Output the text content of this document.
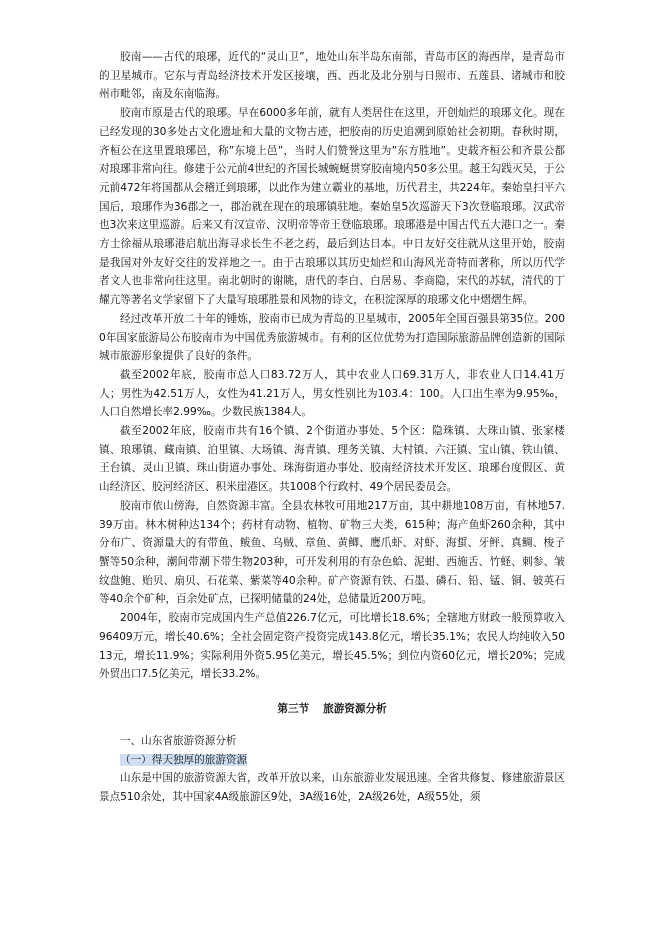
胶南——古代的琅琊，近代的“灵山卫”，地处山东半岛东南部，青岛市区的海西岸，是青岛市的卫星城市。它东与青岛经济技术开发区接壤，西、西北及北分别与日照市、五莲县、诸城市和胶州市毗邻，南及东南临海。

胶南市原是古代的琅琊。早在6000多年前，就有人类居住在这里，开创灿烂的琅琊文化。现在已经发现的30多处古文化遗址和大量的文物古迹，把胶南的历史追溯到原始社会初期。春秋时期，齐桓公在这里置琅琊邑，称”东境上邑”，当时人们赞誉这里为”东方胜地”。史载齐桓公和齐景公都对琅琊非常向往。修建于公元前4世纪的齐国长城蜿蜒贯穿胶南境内50多公里。越王勾践灭吴，于公元前472年将国都从会稽迁到琅琊，以此作为建立霸业的基地，历代君主，共224年。秦始皇扫平六国后，琅琊作为36郡之一，郡治就在现在的琅琊镇驻地。秦始皇5次巡游天下3次登临琅琊。汉武帝也3次来这里巡游。后来又有汉宣帝、汉明帝等帝王登临琅琊。琅琊港是中国古代五大港口之一。秦方士徐福从琅琊港启航出海寻求长生不老之药，最后到达日本。中日友好交往就从这里开始，胶南是我国对外友好交往的发祥地之一。由于古琅琊以其历史灿烂和山海风光奇特而著称，所以历代学者文人也非常向往这里。南北朝时的谢眺，唐代的李白、白居易、李商隐，宋代的苏轼，清代的丁耀亢等著名文学家留下了大量写琅琊胜景和风物的诗文，在积淀深厚的琅琊文化中熠熠生辉。

经过改革开放二十年的锤炼，胶南市已成为青岛的卫星城市，2005年全国百强县第35位。2000年国家旅游局公布胶南市为中国优秀旅游城市。有利的区位优势为打造国际旅游品牌创造新的国际城市旅游形象提供了良好的条件。

截至2002年底，胶南市总人口83.72万人，其中农业人口69.31万人，非农业人口14.41万人；男性为42.51万人，女性为41.21万人，男女性别比为103.4：100。人口出生率为9.95‰，人口自然增长率2.99‰。少数民族1384人。

截至2002年底，胶南市共有16个镇、2个街道办事处、5个区：隐珠镇、大珠山镇、张家楼镇、琅琊镇、藏南镇、泊里镇、大场镇、海青镇、理务关镇、大村镇、六汪镇、宝山镇、铁山镇、王台镇、灵山卫镇、珠山街道办事处、珠海街道办事处、胶南经济技术开发区、琅琊台度假区、黄山经济区、胶河经济区、积米崖港区。共1008个行政村、49个居民委员会。

胶南市依山傍海，自然资源丰富。全县农林牧可用地217万亩，其中耕地108万亩，有林地57.39万亩。林木树种达134个；药材有动物、植物、矿物三大类，615种；海产鱼虾260余种，其中分布广、资源量大的有带鱼、鲅鱼、乌贼、章鱼、黄鲫、鹰爪虾、对虾、海蜇、牙鲆、真鲷、梭子蟹等50余种，潮间带潮下带生物203种，可开发利用的有杂色蛤、泥蚶、西施舌、竹蛏、刺参、皱纹盘鲍、贻贝、扇贝、石花菜、紫菜等40余种。矿产资源有铁、石墨、磷石、铅、锰、铜、铍英石等40余个矿种，百余处矿点，已探明储量的24处，总储量近200万吨。

2004年，胶南市完成国内生产总值226.7亿元，可比增长18.6%；全辖地方财政一般预算收入96409万元，增长40.6%；全社会固定资产投资完成143.8亿元，增长35.1%；农民人均纯收入5013元，增长11.9%；实际利用外资5.95亿美元，增长45.5%；到位内资60亿元，增长20%；完成外贸出口7.5亿美元，增长33.2%。

第三节 旅游资源分析

一、山东省旅游资源分析

（一）得天独厚的旅游资源

山东是中国的旅游资源大省，改革开放以来，山东旅游业发展迅速。全省共修复、修建旅游景区景点510余处，其中国家4A级旅游区9处，3A级16处，2A级26处，A级55处，须
